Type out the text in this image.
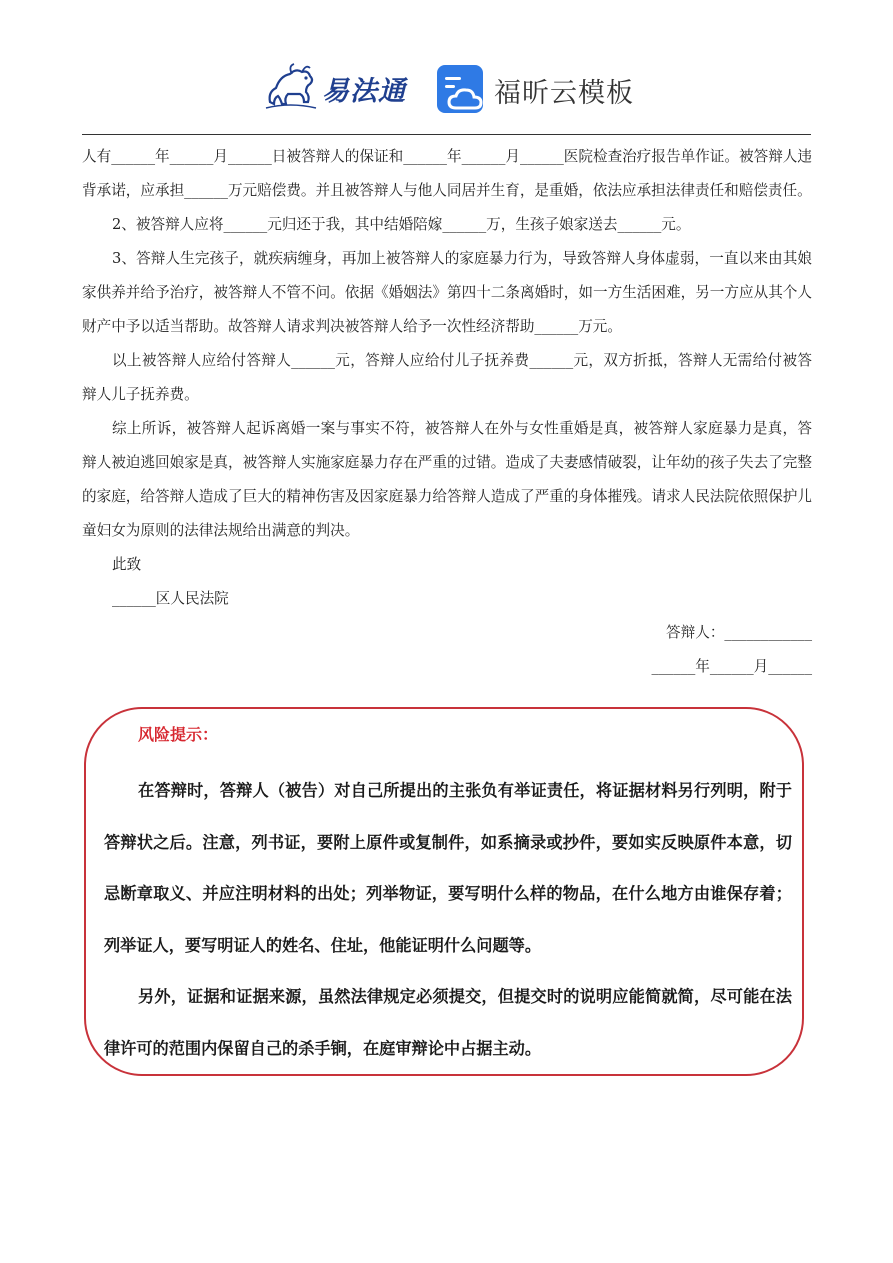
易法通	福昕云模板

人有______年______月______日被答辩人的保证和______年______月______医院检查治疗报告单作证。被答辩人违背承诺，应承担______万元赔偿费。并且被答辩人与他人同居并生育，是重婚，依法应承担法律责任和赔偿责任。

2、被答辩人应将______元归还于我，其中结婚陪嫁______万，生孩子娘家送去______元。

3、答辩人生完孩子，就疾病缠身，再加上被答辩人的家庭暴力行为，导致答辩人身体虚弱，一直以来由其娘家供养并给予治疗，被答辩人不管不问。依据《婚姻法》第四十二条离婚时，如一方生活困难，另一方应从其个人财产中予以适当帮助。故答辩人请求判决被答辩人给予一次性经济帮助______万元。

以上被答辩人应给付答辩人______元，答辩人应给付儿子抚养费______元，双方折抵，答辩人无需给付被答辩人儿子抚养费。

综上所诉，被答辩人起诉离婚一案与事实不符，被答辩人在外与女性重婚是真，被答辩人家庭暴力是真，答辩人被迫逃回娘家是真，被答辩人实施家庭暴力存在严重的过错。造成了夫妻感情破裂，让年幼的孩子失去了完整的家庭，给答辩人造成了巨大的精神伤害及因家庭暴力给答辩人造成了严重的身体摧残。请求人民法院依照保护儿童妇女为原则的法律法规给出满意的判决。

此致

______区人民法院

答辩人：____________

______年______月______

风险提示：

在答辩时，答辩人（被告）对自己所提出的主张负有举证责任，将证据材料另行列明，附于答辩状之后。注意，列书证，要附上原件或复制件，如系摘录或抄件，要如实反映原件本意，切忌断章取义、并应注明材料的出处；列举物证，要写明什么样的物品，在什么地方由谁保存着；列举证人，要写明证人的姓名、住址，他能证明什么问题等。

另外，证据和证据来源，虽然法律规定必须提交，但提交时的说明应能简就简，尽可能在法律许可的范围内保留自己的杀手锏，在庭审辩论中占据主动。
